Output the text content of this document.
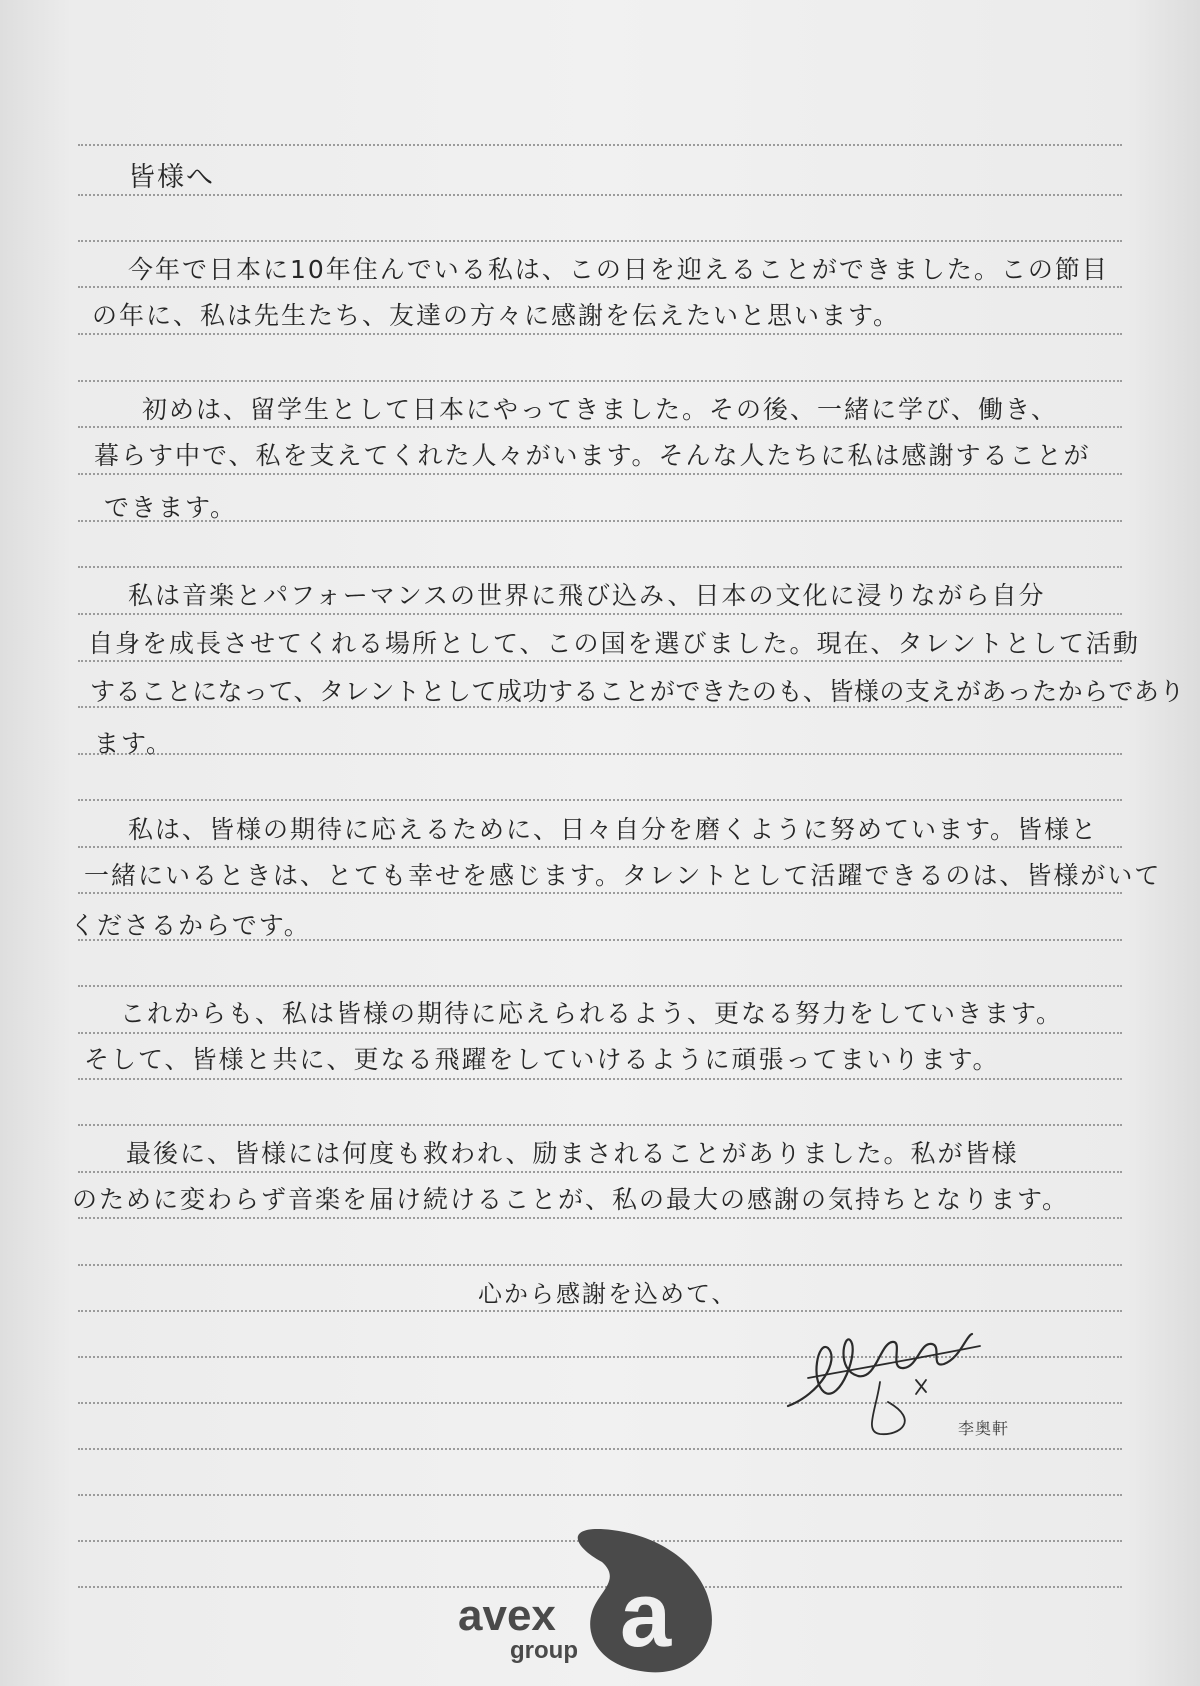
皆様へ
今年で日本に10年住んでいる私は、この日を迎えることができました。この節目
の年に、私は先生たち、友達の方々に感謝を伝えたいと思います。
初めは、留学生として日本にやってきました。その後、一緒に学び、働き、
暮らす中で、私を支えてくれた人々がいます。そんな人たちに私は感謝することが
できます。
私は音楽とパフォーマンスの世界に飛び込み、日本の文化に浸りながら自分
自身を成長させてくれる場所として、この国を選びました。現在、タレントとして活動
することになって、タレントとして成功することができたのも、皆様の支えがあったからであり
ます。
私は、皆様の期待に応えるために、日々自分を磨くように努めています。皆様と
一緒にいるときは、とても幸せを感じます。タレントとして活躍できるのは、皆様がいて
くださるからです。
これからも、私は皆様の期待に応えられるよう、更なる努力をしていきます。
そして、皆様と共に、更なる飛躍をしていけるように頑張ってまいります。
最後に、皆様には何度も救われ、励まされることがありました。私が皆様
のために変わらず音楽を届け続けることが、私の最大の感謝の気持ちとなります。
心から感謝を込めて、
李奥軒
a
avex
group
